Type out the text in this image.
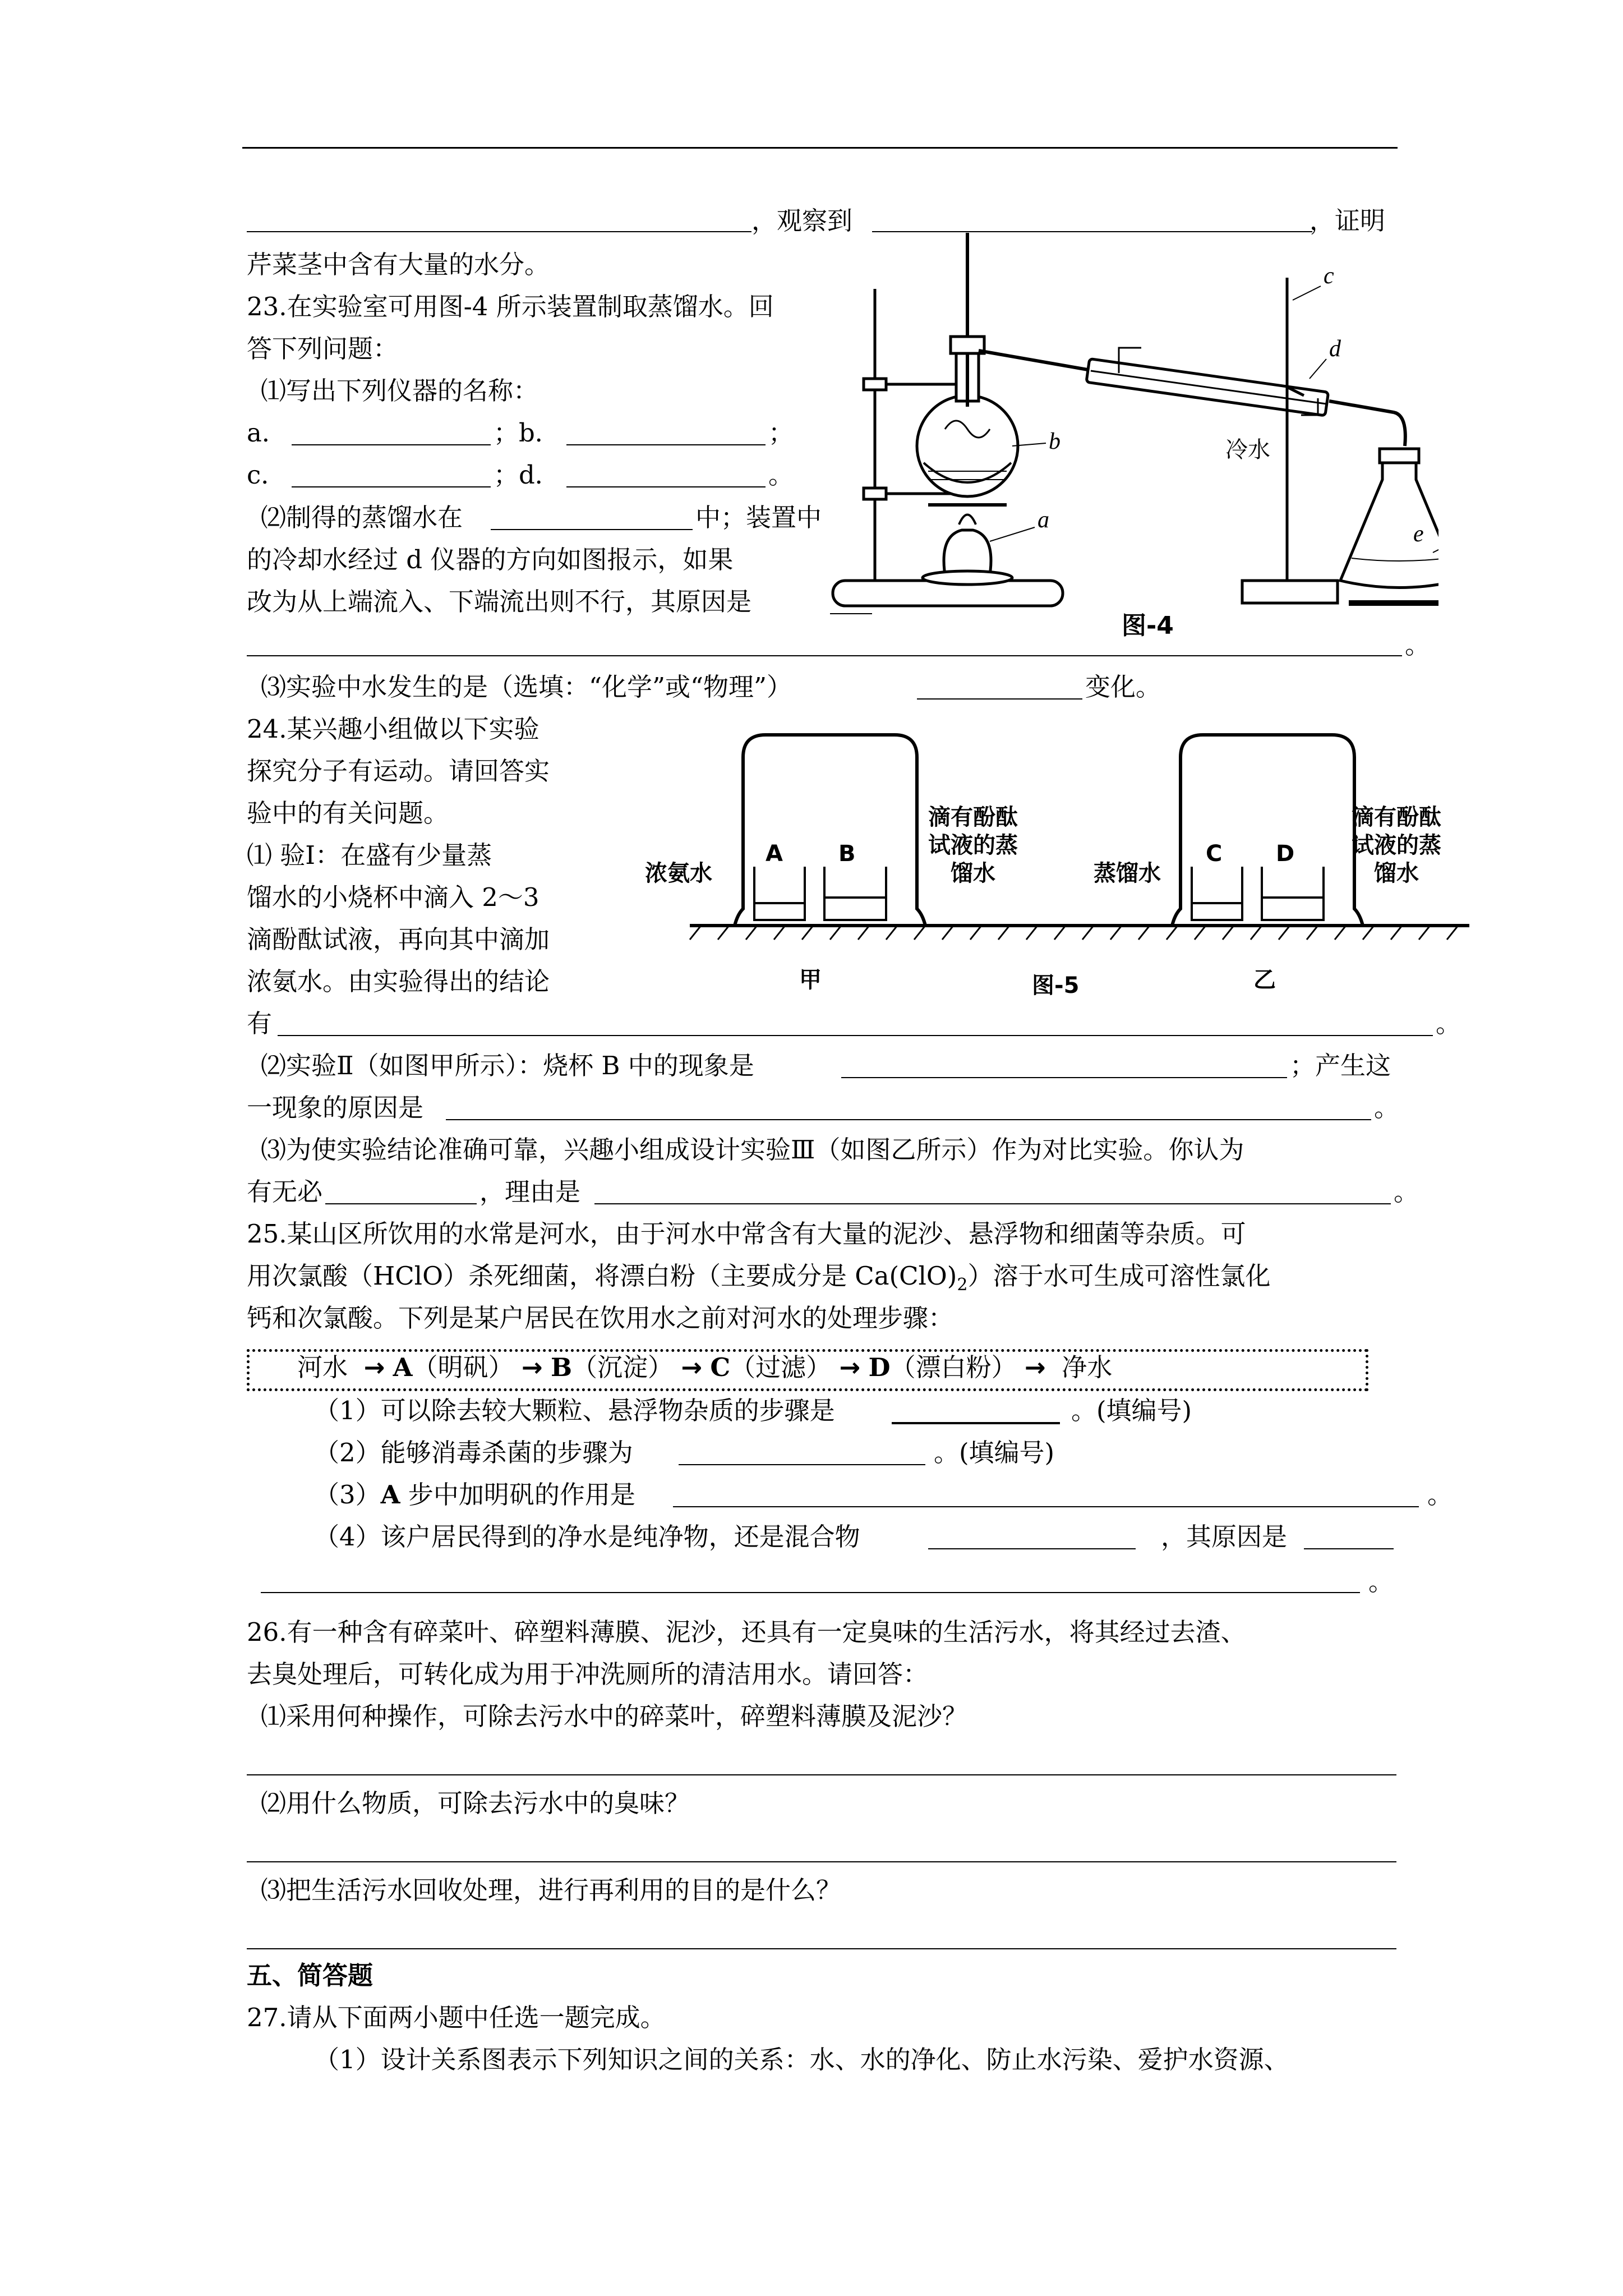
，观察到	，证明
芹菜茎中含有大量的水分。
23.在实验室可用图-4 所示装置制取蒸馏水。回
答下列问题：
⑴写出下列仪器的名称：
a．	；b．	；
c．	；d．	。
⑵制得的蒸馏水在	中；装置中
的冷却水经过 d 仪器的方向如图报示，如果
改为从上端流入、下端流出则不行，其原因是
。
⑶实验中水发生的是（选填：“化学”或“物理”）	变化。
a
b
c
d
e
冷水
图-4
24.某兴趣小组做以下实验
探究分子有运动。请回答实
验中的有关问题。
⑴ 验Ⅰ：在盛有少量蒸
馏水的小烧杯中滴入 2～3
滴酚酞试液，再向其中滴加
浓氨水。由实验得出的结论
有	。
浓氨水
A B
滴有酚酞
试液的蒸
馏水	蒸馏水
C D
滴有酚酞
试液的蒸
馏水
甲	图-5	乙
⑵实验Ⅱ（如图甲所示）：烧杯 B 中的现象是	；产生这
一现象的原因是	。
⑶为使实验结论准确可靠，兴趣小组成设计实验Ⅲ（如图乙所示）作为对比实验。你认为
有无必	，理由是	。
25.某山区所饮用的水常是河水，由于河水中常含有大量的泥沙、悬浮物和细菌等杂质。可
用次氯酸（HClO）杀死细菌，将漂白粉（主要成分是 $Ca(ClO)_2$）溶于水可生成可溶性氯化
钙和次氯酸。下列是某户居民在饮用水之前对河水的处理步骤：
河水 → A（明矾） → B（沉淀） → C（过滤） → D（漂白粉） → 净水
（1）可以除去较大颗粒、悬浮物杂质的步骤是	。(填编号)
（2）能够消毒杀菌的步骤为	。(填编号)
（3）A 步中加明矾的作用是	。
（4）该户居民得到的净水是纯净物，还是混合物	，其原因是
。
26.有一种含有碎菜叶、碎塑料薄膜、泥沙，还具有一定臭味的生活污水，将其经过去渣、
去臭处理后，可转化成为用于冲洗厕所的清洁用水。请回答：
⑴采用何种操作，可除去污水中的碎菜叶，碎塑料薄膜及泥沙？
⑵用什么物质，可除去污水中的臭味？
⑶把生活污水回收处理，进行再利用的目的是什么？
五、简答题
27.请从下面两小题中任选一题完成。
（1）设计关系图表示下列知识之间的关系：水、水的净化、防止水污染、爱护水资源、
